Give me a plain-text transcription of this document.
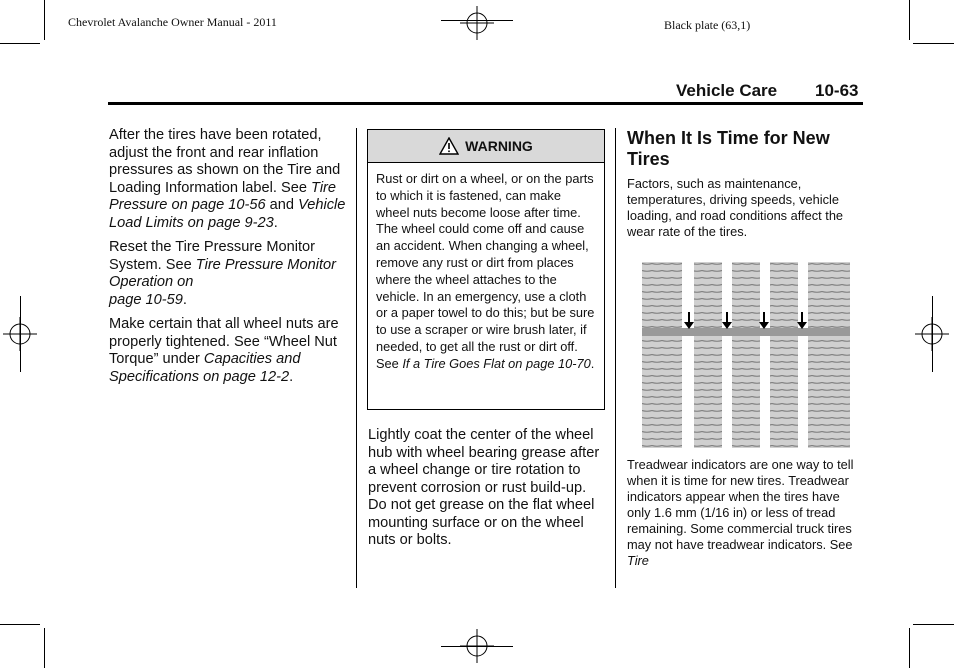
Chevrolet Avalanche Owner Manual - 2011	Black plate (63,1)
Vehicle Care 10-63

After the tires have been rotated, adjust the front and rear inflation pressures as shown on the Tire and Loading Information label. See Tire Pressure on page 10-56 and Vehicle Load Limits on page 9-23.

Reset the Tire Pressure Monitor System. See Tire Pressure Monitor Operation on
page 10-59.

Make certain that all wheel nuts are properly tightened. See “Wheel Nut Torque” under Capacities and Specifications on page 12-2.

WARNING
Rust or dirt on a wheel, or on the parts to which it is fastened, can make wheel nuts become loose after time. The wheel could come off and cause an accident. When changing a wheel, remove any rust or dirt from places where the wheel attaches to the vehicle. In an emergency, use a cloth or a paper towel to do this; but be sure to use a scraper or wire brush later, if needed, to get all the rust or dirt off. See If a Tire Goes Flat on page 10-70.
Lightly coat the center of the wheel hub with wheel bearing grease after a wheel change or tire rotation to prevent corrosion or rust build-up. Do not get grease on the flat wheel mounting surface or on the wheel nuts or bolts.
When It Is Time for New Tires
Factors, such as maintenance, temperatures, driving speeds, vehicle loading, and road conditions affect the wear rate of the tires.
Treadwear indicators are one way to tell when it is time for new tires. Treadwear indicators appear when the tires have only 1.6 mm (1/16 in) or less of tread remaining. Some commercial truck tires may not have treadwear indicators. See Tire
